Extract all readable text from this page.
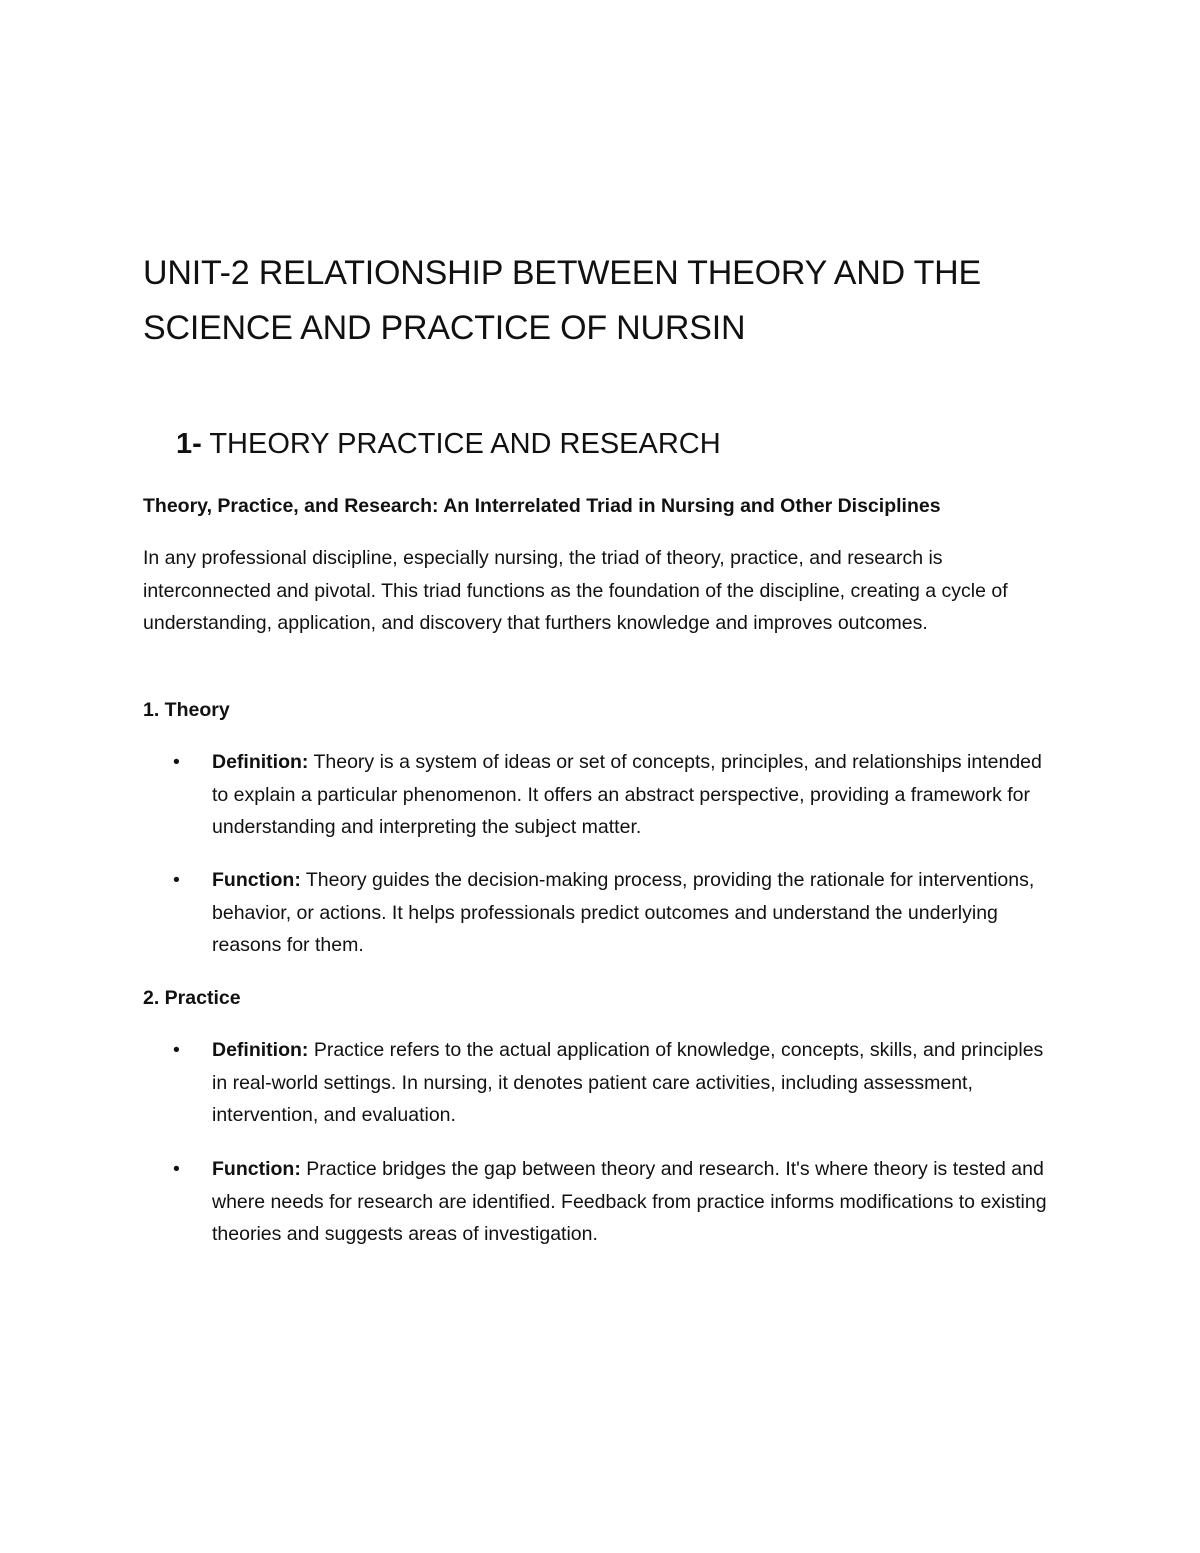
UNIT-2 RELATIONSHIP BETWEEN THEORY AND THE
SCIENCE AND PRACTICE OF NURSIN
1- THEORY PRACTICE AND RESEARCH
Theory, Practice, and Research: An Interrelated Triad in Nursing and Other Disciplines
In any professional discipline, especially nursing, the triad of theory, practice, and research is interconnected and pivotal. This triad functions as the foundation of the discipline, creating a cycle of understanding, application, and discovery that furthers knowledge and improves outcomes.
1. Theory
•	Definition: Theory is a system of ideas or set of concepts, principles, and relationships intended to explain a particular phenomenon. It offers an abstract perspective, providing a framework for understanding and interpreting the subject matter.
•	Function: Theory guides the decision-making process, providing the rationale for interventions, behavior, or actions. It helps professionals predict outcomes and understand the underlying reasons for them.
2. Practice
•	Definition: Practice refers to the actual application of knowledge, concepts, skills, and principles in real-world settings. In nursing, it denotes patient care activities, including assessment, intervention, and evaluation.
•	Function: Practice bridges the gap between theory and research. It's where theory is tested and where needs for research are identified. Feedback from practice informs modifications to existing theories and suggests areas of investigation.
